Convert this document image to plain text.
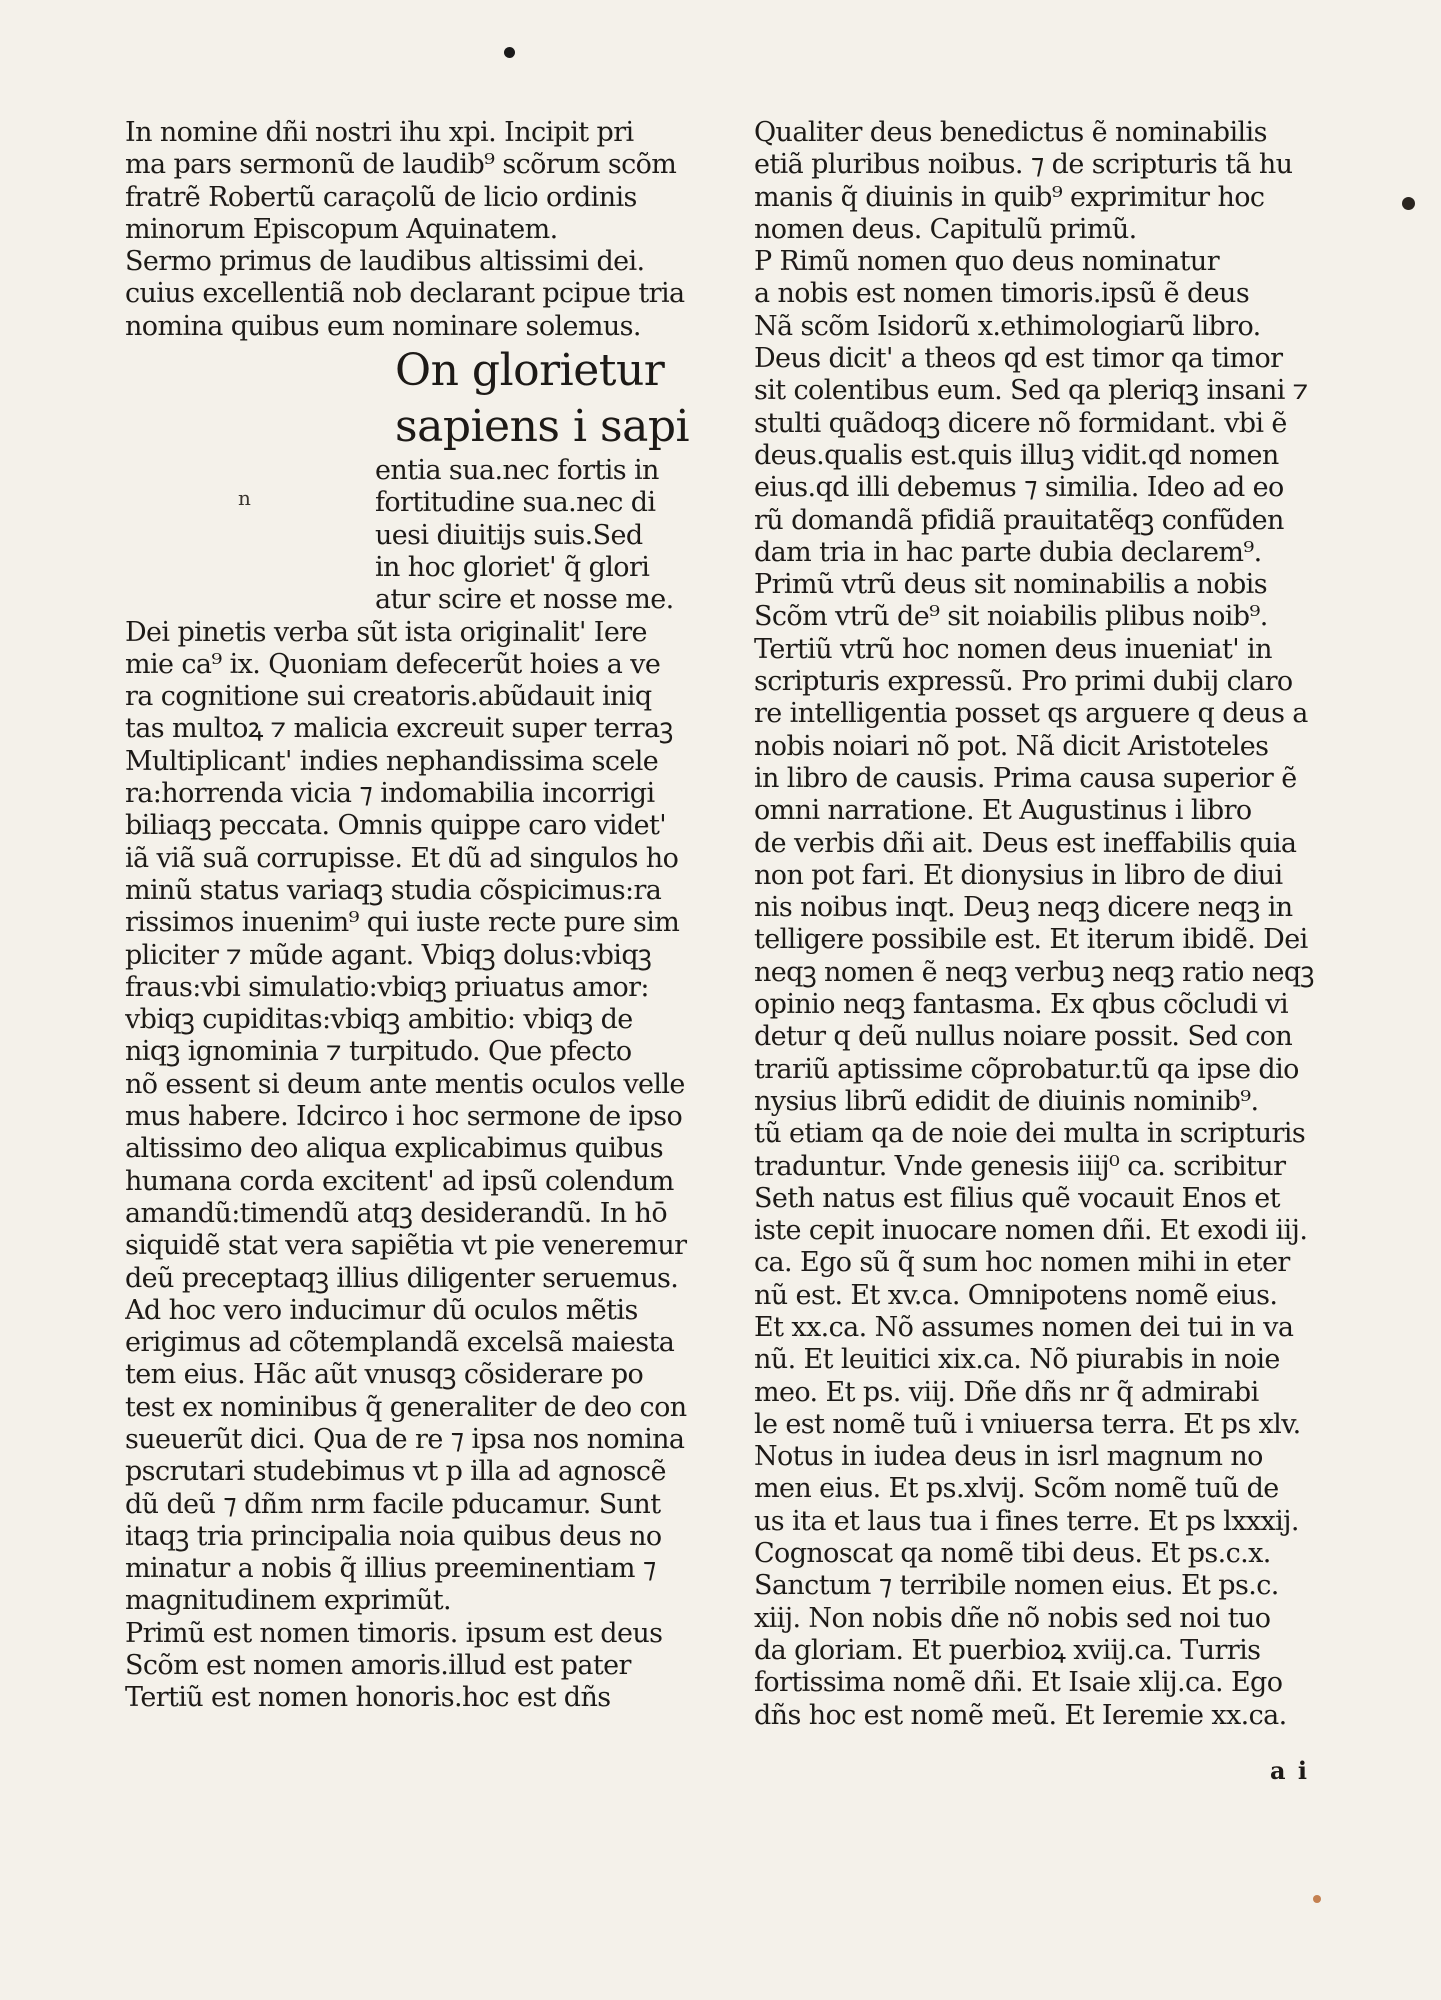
In nomine dñi nostri ihu xpi. Incipit pri
ma pars sermonũ de laudib⁹ scõrum scõm
fratrẽ Robertũ caraçolũ de licio ordinis
minorum Episcopum Aquinatem.
Sermo primus de laudibus altissimi dei.
cuius excellentiã nob declarant pcipue tria
nomina quibus eum nominare solemus.
On glorietur
sapiens i sapi
entia sua.nec fortis in
fortitudine sua.nec di
uesi diuitijs suis.Sed
in hoc gloriet' q̃ glori
atur scire et nosse me.
Dei pinetis verba sũt ista originalit' Iere
mie ca⁹ ix. Quoniam defecerũt hoies a ve
ra cognitione sui creatoris.abũdauit iniq
tas multoꝝ ⁊ malicia excreuit super terraꝫ
Multiplicant' indies nephandissima scele
ra:horrenda vicia ⁊ indomabilia incorrigi
biliaqꝫ peccata. Omnis quippe caro videt'
iã viã suã corrupisse. Et dũ ad singulos ho
minũ status variaqꝫ studia cõspicimus:ra
rissimos inuenim⁹ qui iuste recte pure sim
pliciter ⁊ mũde agant. Vbiqꝫ dolus:vbiqꝫ
fraus:vbi simulatio:vbiqꝫ priuatus amor:
vbiqꝫ cupiditas:vbiqꝫ ambitio: vbiqꝫ de
niqꝫ ignominia ⁊ turpitudo. Que pfecto
nõ essent si deum ante mentis oculos velle
mus habere. Idcirco i hoc sermone de ipso
altissimo deo aliqua explicabimus quibus
humana corda excitent' ad ipsũ colendum
amandũ:timendũ atqꝫ desiderandũ. In hō
siquidẽ stat vera sapiẽtia vt pie veneremur
deũ preceptaqꝫ illius diligenter seruemus.
Ad hoc vero inducimur dũ oculos mẽtis
erigimus ad cõtemplandã excelsã maiesta
tem eius. Hãc aũt vnusqꝫ cõsiderare po
test ex nominibus q̃ generaliter de deo con
sueuerũt dici. Qua de re ⁊ ipsa nos nomina
pscrutari studebimus vt p illa ad agnoscẽ
dũ deũ ⁊ dñm nrm facile pducamur. Sunt
itaqꝫ tria principalia noia quibus deus no
minatur a nobis q̃ illius preeminentiam ⁊
magnitudinem exprimũt.
Primũ est nomen timoris. ipsum est deus
Scõm est nomen amoris.illud est pater
Tertiũ est nomen honoris.hoc est dñs
n
Qualiter deus benedictus ẽ nominabilis
etiã pluribus noibus. ⁊ de scripturis tã hu
manis q̃ diuinis in quib⁹ exprimitur hoc
nomen deus. Capitulũ primũ.
P Rimũ nomen quo deus nominatur
a nobis est nomen timoris.ipsũ ẽ deus
Nã scõm Isidorũ x.ethimologiarũ libro.
Deus dicit' a theos qd est timor qa timor
sit colentibus eum. Sed qa pleriqꝫ insani ⁊
stulti quãdoqꝫ dicere nõ formidant. vbi ẽ
deus.qualis est.quis illuꝫ vidit.qd nomen
eius.qd illi debemus ⁊ similia. Ideo ad eo
rũ domandã pfidiã prauitatẽqꝫ confũden
dam tria in hac parte dubia declarem⁹.
Primũ vtrũ deus sit nominabilis a nobis
Scõm vtrũ de⁹ sit noiabilis plibus noib⁹.
Tertiũ vtrũ hoc nomen deus inueniat' in
scripturis expressũ. Pro primi dubij claro
re intelligentia posset qs arguere q deus a
nobis noiari nõ pot. Nã dicit Aristoteles
in libro de causis. Prima causa superior ẽ
omni narratione. Et Augustinus i libro
de verbis dñi ait. Deus est ineffabilis quia
non pot fari. Et dionysius in libro de diui
nis noibus inqt. Deuꝫ neqꝫ dicere neqꝫ in
telligere possibile est. Et iterum ibidẽ. Dei
neqꝫ nomen ẽ neqꝫ verbuꝫ neqꝫ ratio neqꝫ
opinio neqꝫ fantasma. Ex qbus cõcludi vi
detur q deũ nullus noiare possit. Sed con
trariũ aptissime cõprobatur.tũ qa ipse dio
nysius librũ edidit de diuinis nominib⁹.
tũ etiam qa de noie dei multa in scripturis
traduntur. Vnde genesis iiij⁰ ca. scribitur
Seth natus est filius quẽ vocauit Enos et
iste cepit inuocare nomen dñi. Et exodi iij.
ca. Ego sũ q̃ sum hoc nomen mihi in eter
nũ est. Et xv.ca. Omnipotens nomẽ eius.
Et xx.ca. Nõ assumes nomen dei tui in va
nũ. Et leuitici xix.ca. Nõ piurabis in noie
meo. Et ps. viij. Dñe dñs nr q̃ admirabi
le est nomẽ tuũ i vniuersa terra. Et ps xlv.
Notus in iudea deus in isrl magnum no
men eius. Et ps.xlvij. Scõm nomẽ tuũ de
us ita et laus tua i fines terre. Et ps lxxxij.
Cognoscat qa nomẽ tibi deus. Et ps.c.x.
Sanctum ⁊ terribile nomen eius. Et ps.c.
xiij. Non nobis dñe nõ nobis sed noi tuo
da gloriam. Et puerbioꝝ xviij.ca. Turris
fortissima nomẽ dñi. Et Isaie xlij.ca. Ego
dñs hoc est nomẽ meũ. Et Ieremie xx.ca.
a i
